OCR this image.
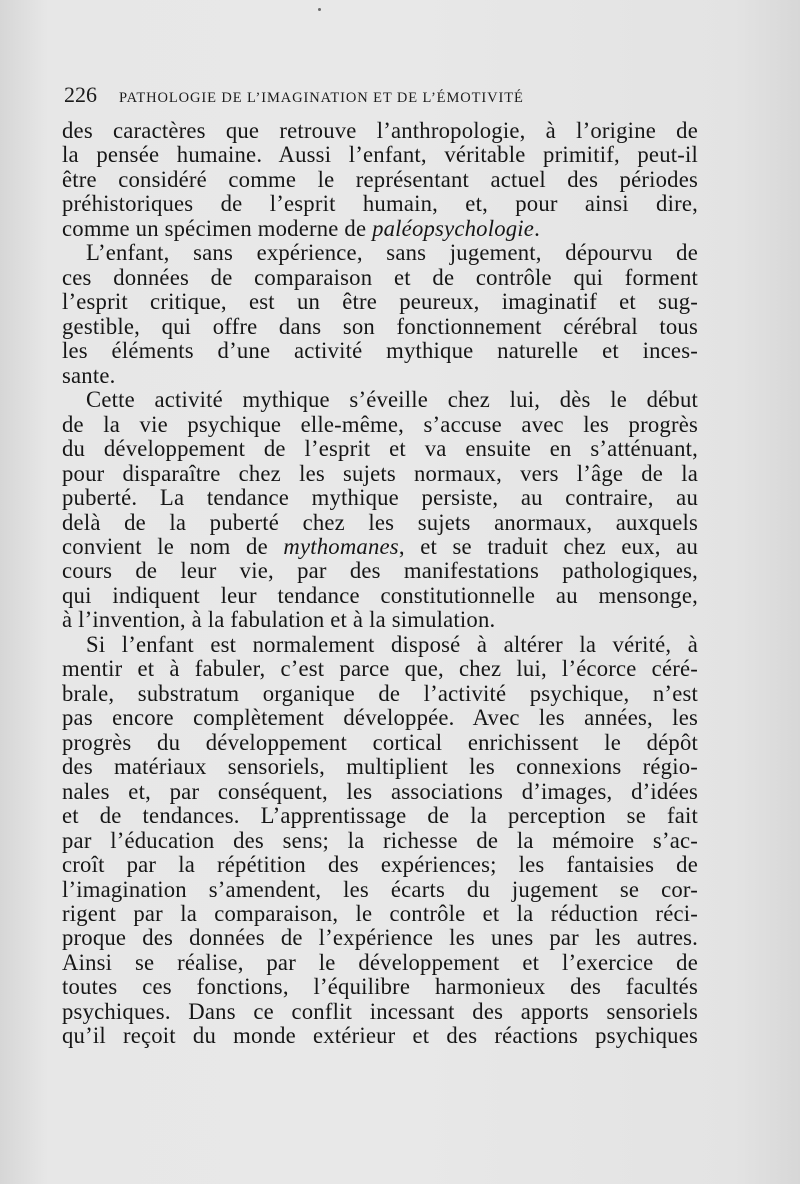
226 PATHOLOGIE DE L’IMAGINATION ET DE L’ÉMOTIVITÉ

des caractères que retrouve l’anthropologie, à l’origine de
la pensée humaine. Aussi l’enfant, véritable primitif, peut-il
être considéré comme le représentant actuel des périodes
préhistoriques de l’esprit humain, et, pour ainsi dire,
comme un spécimen moderne de paléopsychologie.

L’enfant, sans expérience, sans jugement, dépourvu de
ces données de comparaison et de contrôle qui forment
l’esprit critique, est un être peureux, imaginatif et sug-
gestible, qui offre dans son fonctionnement cérébral tous
les éléments d’une activité mythique naturelle et inces-
sante.

Cette activité mythique s’éveille chez lui, dès le début
de la vie psychique elle-même, s’accuse avec les progrès
du développement de l’esprit et va ensuite en s’atténuant,
pour disparaître chez les sujets normaux, vers l’âge de la
puberté. La tendance mythique persiste, au contraire, au
delà de la puberté chez les sujets anormaux, auxquels
convient le nom de mythomanes, et se traduit chez eux, au
cours de leur vie, par des manifestations pathologiques,
qui indiquent leur tendance constitutionnelle au mensonge,
à l’invention, à la fabulation et à la simulation.

Si l’enfant est normalement disposé à altérer la vérité, à
mentir et à fabuler, c’est parce que, chez lui, l’écorce céré-
brale, substratum organique de l’activité psychique, n’est
pas encore complètement développée. Avec les années, les
progrès du développement cortical enrichissent le dépôt
des matériaux sensoriels, multiplient les connexions régio-
nales et, par conséquent, les associations d’images, d’idées
et de tendances. L’apprentissage de la perception se fait
par l’éducation des sens; la richesse de la mémoire s’ac-
croît par la répétition des expériences; les fantaisies de
l’imagination s’amendent, les écarts du jugement se cor-
rigent par la comparaison, le contrôle et la réduction réci-
proque des données de l’expérience les unes par les autres.
Ainsi se réalise, par le développement et l’exercice de
toutes ces fonctions, l’équilibre harmonieux des facultés
psychiques. Dans ce conflit incessant des apports sensoriels
qu’il reçoit du monde extérieur et des réactions psychiques
